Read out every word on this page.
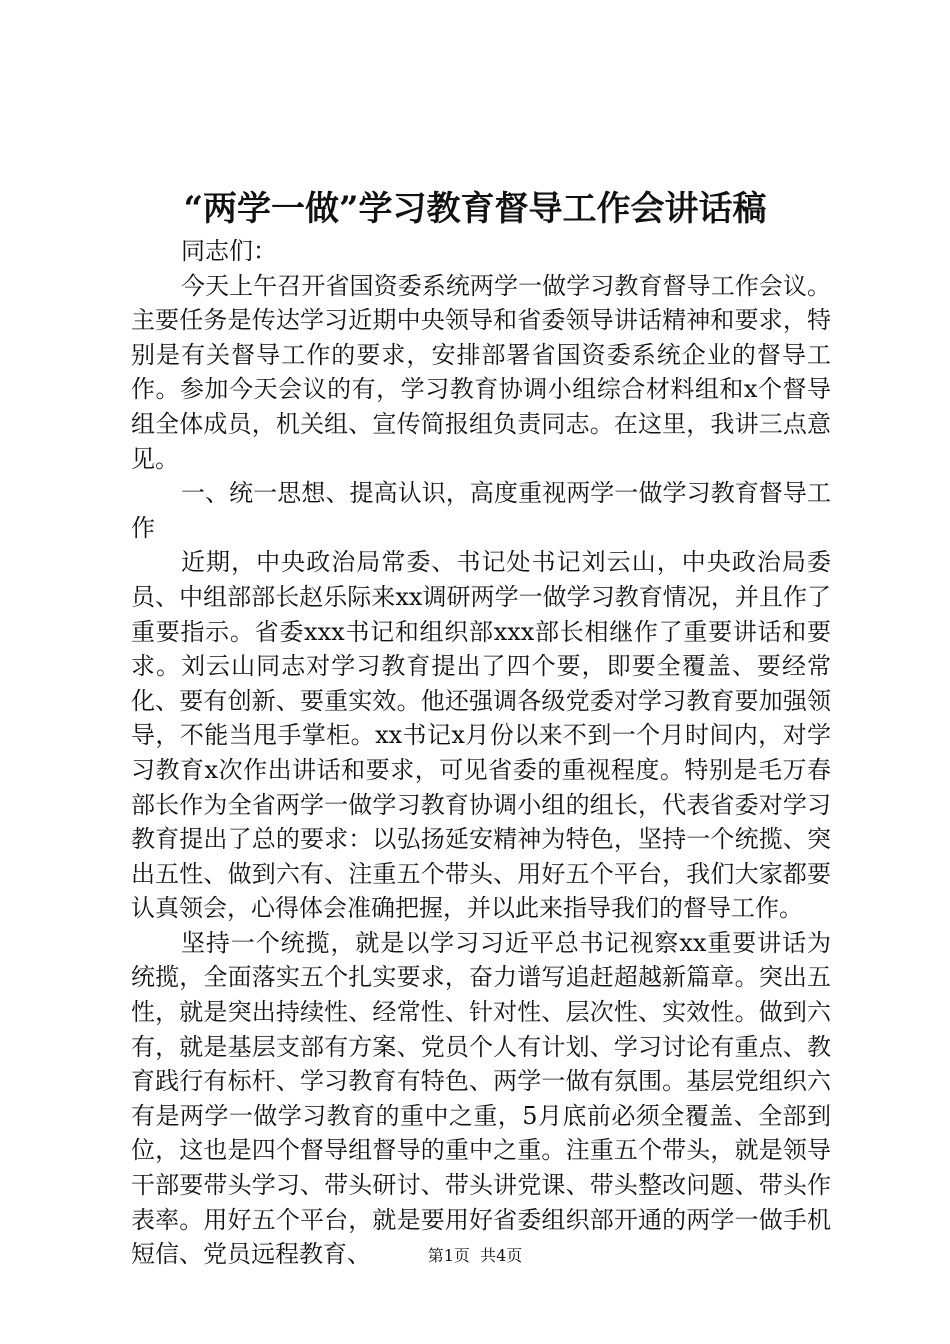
“两学一做”学习教育督导工作会讲话稿

同志们：

今天上午召开省国资委系统两学一做学习教育督导工作会议。主要任务是传达学习近期中央领导和省委领导讲话精神和要求，特别是有关督导工作的要求，安排部署省国资委系统企业的督导工作。参加今天会议的有，学习教育协调小组综合材料组和x个督导组全体成员，机关组、宣传简报组负责同志。在这里，我讲三点意见。

一、统一思想、提高认识，高度重视两学一做学习教育督导工作

近期，中央政治局常委、书记处书记刘云山，中央政治局委员、中组部部长赵乐际来xx调研两学一做学习教育情况，并且作了重要指示。省委xxx书记和组织部xxx部长相继作了重要讲话和要求。刘云山同志对学习教育提出了四个要，即要全覆盖、要经常化、要有创新、要重实效。他还强调各级党委对学习教育要加强领导，不能当甩手掌柜。xx书记x月份以来不到一个月时间内，对学习教育x次作出讲话和要求，可见省委的重视程度。特别是毛万春部长作为全省两学一做学习教育协调小组的组长，代表省委对学习教育提出了总的要求：以弘扬延安精神为特色，坚持一个统揽、突出五性、做到六有、注重五个带头、用好五个平台，我们大家都要认真领会，心得体会准确把握，并以此来指导我们的督导工作。

坚持一个统揽，就是以学习习近平总书记视察xx重要讲话为统揽，全面落实五个扎实要求，奋力谱写追赶超越新篇章。突出五性，就是突出持续性、经常性、针对性、层次性、实效性。做到六有，就是基层支部有方案、党员个人有计划、学习讨论有重点、教育践行有标杆、学习教育有特色、两学一做有氛围。基层党组织六有是两学一做学习教育的重中之重，5月底前必须全覆盖、全部到位，这也是四个督导组督导的重中之重。注重五个带头，就是领导干部要带头学习、带头研讨、带头讲党课、带头整改问题、带头作表率。用好五个平台，就是要用好省委组织部开通的两学一做手机短信、党员远程教育、	第1页 共4页
